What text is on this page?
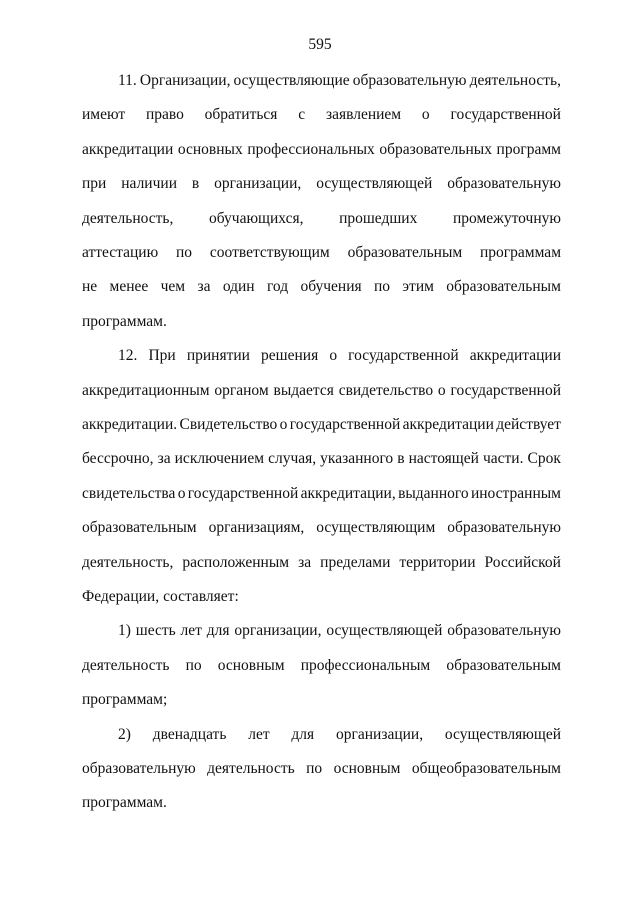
595
11. Организации, осуществляющие образовательную деятельность,
имеют право обратиться с заявлением о государственной
аккредитации основных профессиональных образовательных программ
при наличии в организации, осуществляющей образовательную
деятельность, обучающихся, прошедших промежуточную
аттестацию по соответствующим образовательным программам
не менее чем за один год обучения по этим образовательным
программам.
12. При принятии решения о государственной аккредитации
аккредитационным органом выдается свидетельство о государственной
аккредитации. Свидетельство о государственной аккредитации действует
бессрочно, за исключением случая, указанного в настоящей части. Срок
свидетельства о государственной аккредитации, выданного иностранным
образовательным организациям, осуществляющим образовательную
деятельность, расположенным за пределами территории Российской
Федерации, составляет:
1) шесть лет для организации, осуществляющей образовательную
деятельность по основным профессиональным образовательным
программам;
2) двенадцать лет для организации, осуществляющей
образовательную деятельность по основным общеобразовательным
программам.
